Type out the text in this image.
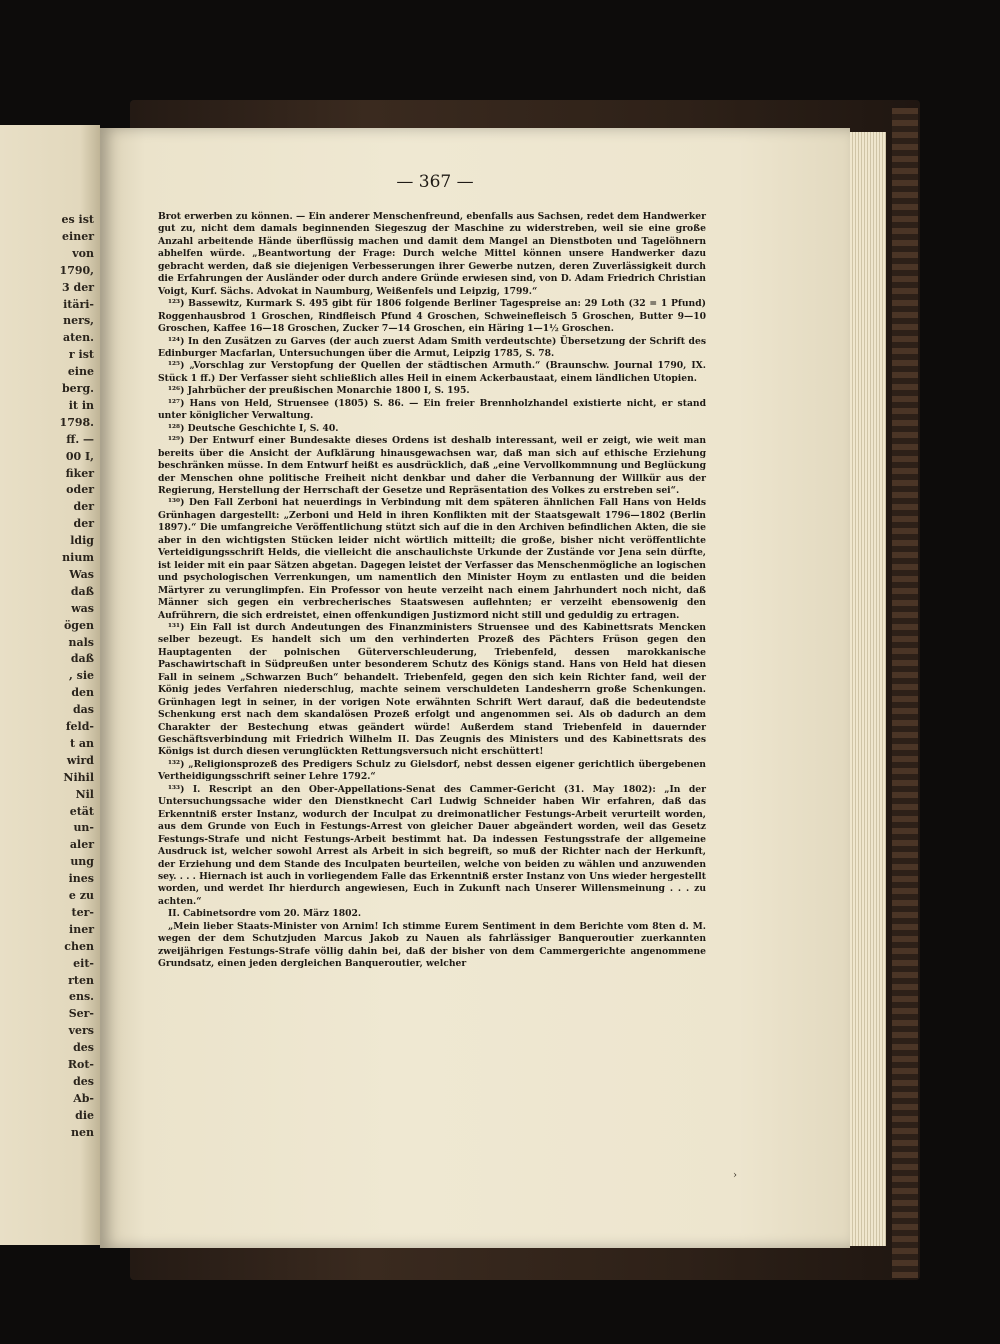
es ist
einer
von
1790,
3 der
itäri-
ners,
aten.
r ist
eine
berg.
it in
1798.
ff. —
00 I,
fiker
oder
der
der
ldig
nium
Was
daß
was
ögen
nals
daß
, sie
den
das
feld-
t an
wird
Nihil
Nil
etät
un-
aler
ung
ines
e zu
ter-
iner
chen
eit-
rten
ens.
Ser-
vers
des
Rot-
des
Ab-
die
nen
— 367 —

Brot erwerben zu können. — Ein anderer Menschenfreund, ebenfalls aus Sachsen, redet dem Handwerker gut zu, nicht dem damals beginnenden Siegeszug der Maschine zu widerstreben, weil sie eine große Anzahl arbeitende Hände überflüssig machen und damit dem Mangel an Dienstboten und Tagelöhnern abhelfen würde. „Beantwortung der Frage: Durch welche Mittel können unsere Handwerker dazu gebracht werden, daß sie diejenigen Verbesserungen ihrer Gewerbe nutzen, deren Zuverlässigkeit durch die Erfahrungen der Ausländer oder durch andere Gründe erwiesen sind, von D. Adam Friedrich Christian Voigt, Kurf. Sächs. Advokat in Naumburg, Weißenfels und Leipzig, 1799.“

¹²³) Bassewitz, Kurmark S. 495 gibt für 1806 folgende Berliner Tagespreise an: 29 Loth (32 = 1 Pfund) Roggenhausbrod 1 Groschen, Rindfleisch Pfund 4 Groschen, Schweinefleisch 5 Groschen, Butter 9—10 Groschen, Kaffee 16—18 Groschen, Zucker 7—14 Groschen, ein Häring 1—1½ Groschen.

¹²⁴) In den Zusätzen zu Garves (der auch zuerst Adam Smith verdeutschte) Übersetzung der Schrift des Edinburger Macfarlan, Untersuchungen über die Armut, Leipzig 1785, S. 78.

¹²⁵) „Vorschlag zur Verstopfung der Quellen der städtischen Armuth.“ (Braunschw. Journal 1790, IX. Stück 1 ff.) Der Verfasser sieht schließlich alles Heil in einem Ackerbaustaat, einem ländlichen Utopien.

¹²⁶) Jahrbücher der preußischen Monarchie 1800 I, S. 195.

¹²⁷) Hans von Held, Struensee (1805) S. 86. — Ein freier Brennholzhandel existierte nicht, er stand unter königlicher Verwaltung.

¹²⁸) Deutsche Geschichte I, S. 40.

¹²⁹) Der Entwurf einer Bundesakte dieses Ordens ist deshalb interessant, weil er zeigt, wie weit man bereits über die Ansicht der Aufklärung hinausgewachsen war, daß man sich auf ethische Erziehung beschränken müsse. In dem Entwurf heißt es ausdrücklich, daß „eine Vervollkommnung und Beglückung der Menschen ohne politische Freiheit nicht denkbar und daher die Verbannung der Willkür aus der Regierung, Herstellung der Herrschaft der Gesetze und Repräsentation des Volkes zu erstreben sei“.

¹³⁰) Den Fall Zerboni hat neuerdings in Verbindung mit dem späteren ähnlichen Fall Hans von Helds Grünhagen dargestellt: „Zerboni und Held in ihren Konflikten mit der Staatsgewalt 1796—1802 (Berlin 1897).“ Die umfangreiche Veröffentlichung stützt sich auf die in den Archiven befindlichen Akten, die sie aber in den wichtigsten Stücken leider nicht wörtlich mitteilt; die große, bisher nicht veröffentlichte Verteidigungsschrift Helds, die vielleicht die anschaulichste Urkunde der Zustände vor Jena sein dürfte, ist leider mit ein paar Sätzen abgetan. Dagegen leistet der Verfasser das Menschenmögliche an logischen und psychologischen Verrenkungen, um namentlich den Minister Hoym zu entlasten und die beiden Märtyrer zu verunglimpfen. Ein Professor von heute verzeiht nach einem Jahrhundert noch nicht, daß Männer sich gegen ein verbrecherisches Staatswesen auflehnten; er verzeiht ebensowenig den Aufrührern, die sich erdreistet, einen offenkundigen Justizmord nicht still und geduldig zu ertragen.

¹³¹) Ein Fall ist durch Andeutungen des Finanzministers Struensee und des Kabinettsrats Mencken selber bezeugt. Es handelt sich um den verhinderten Prozeß des Pächters Früson gegen den Hauptagenten der polnischen Güterverschleuderung, Triebenfeld, dessen marokkanische Paschawirtschaft in Südpreußen unter besonderem Schutz des Königs stand. Hans von Held hat diesen Fall in seinem „Schwarzen Buch“ behandelt. Triebenfeld, gegen den sich kein Richter fand, weil der König jedes Verfahren niederschlug, machte seinem verschuldeten Landesherrn große Schenkungen. Grünhagen legt in seiner, in der vorigen Note erwähnten Schrift Wert darauf, daß die bedeutendste Schenkung erst nach dem skandalösen Prozeß erfolgt und angenommen sei. Als ob dadurch an dem Charakter der Bestechung etwas geändert würde! Außerdem stand Triebenfeld in dauernder Geschäftsverbindung mit Friedrich Wilhelm II. Das Zeugnis des Ministers und des Kabinettsrats des Königs ist durch diesen verunglückten Rettungsversuch nicht erschüttert!

¹³²) „Religionsprozeß des Predigers Schulz zu Gielsdorf, nebst dessen eigener gerichtlich übergebenen Vertheidigungsschrift seiner Lehre 1792.“

¹³³) I. Rescript an den Ober-Appellations-Senat des Cammer-Gericht (31. May 1802): „In der Untersuchungssache wider den Dienstknecht Carl Ludwig Schneider haben Wir erfahren, daß das Erkenntniß erster Instanz, wodurch der Inculpat zu dreimonatlicher Festungs-Arbeit verurteilt worden, aus dem Grunde von Euch in Festungs-Arrest von gleicher Dauer abgeändert worden, weil das Gesetz Festungs-Strafe und nicht Festungs-Arbeit bestimmt hat. Da indessen Festungsstrafe der allgemeine Ausdruck ist, welcher sowohl Arrest als Arbeit in sich begreift, so muß der Richter nach der Herkunft, der Erziehung und dem Stande des Inculpaten beurteilen, welche von beiden zu wählen und anzuwenden sey. . . . Hiernach ist auch in vorliegendem Falle das Erkenntniß erster Instanz von Uns wieder hergestellt worden, und werdet Ihr hierdurch angewiesen, Euch in Zukunft nach Unserer Willensmeinung . . . zu achten.“

II. Cabinetsordre vom 20. März 1802.

„Mein lieber Staats-Minister von Arnim! Ich stimme Eurem Sentiment in dem Berichte vom 8ten d. M. wegen der dem Schutzjuden Marcus Jakob zu Nauen als fahrlässiger Banqueroutier zuerkannten zweijährigen Festungs-Strafe völlig dahin bei, daß der bisher von dem Cammergerichte angenommene Grundsatz, einen jeden dergleichen Banqueroutier, welcher

›
